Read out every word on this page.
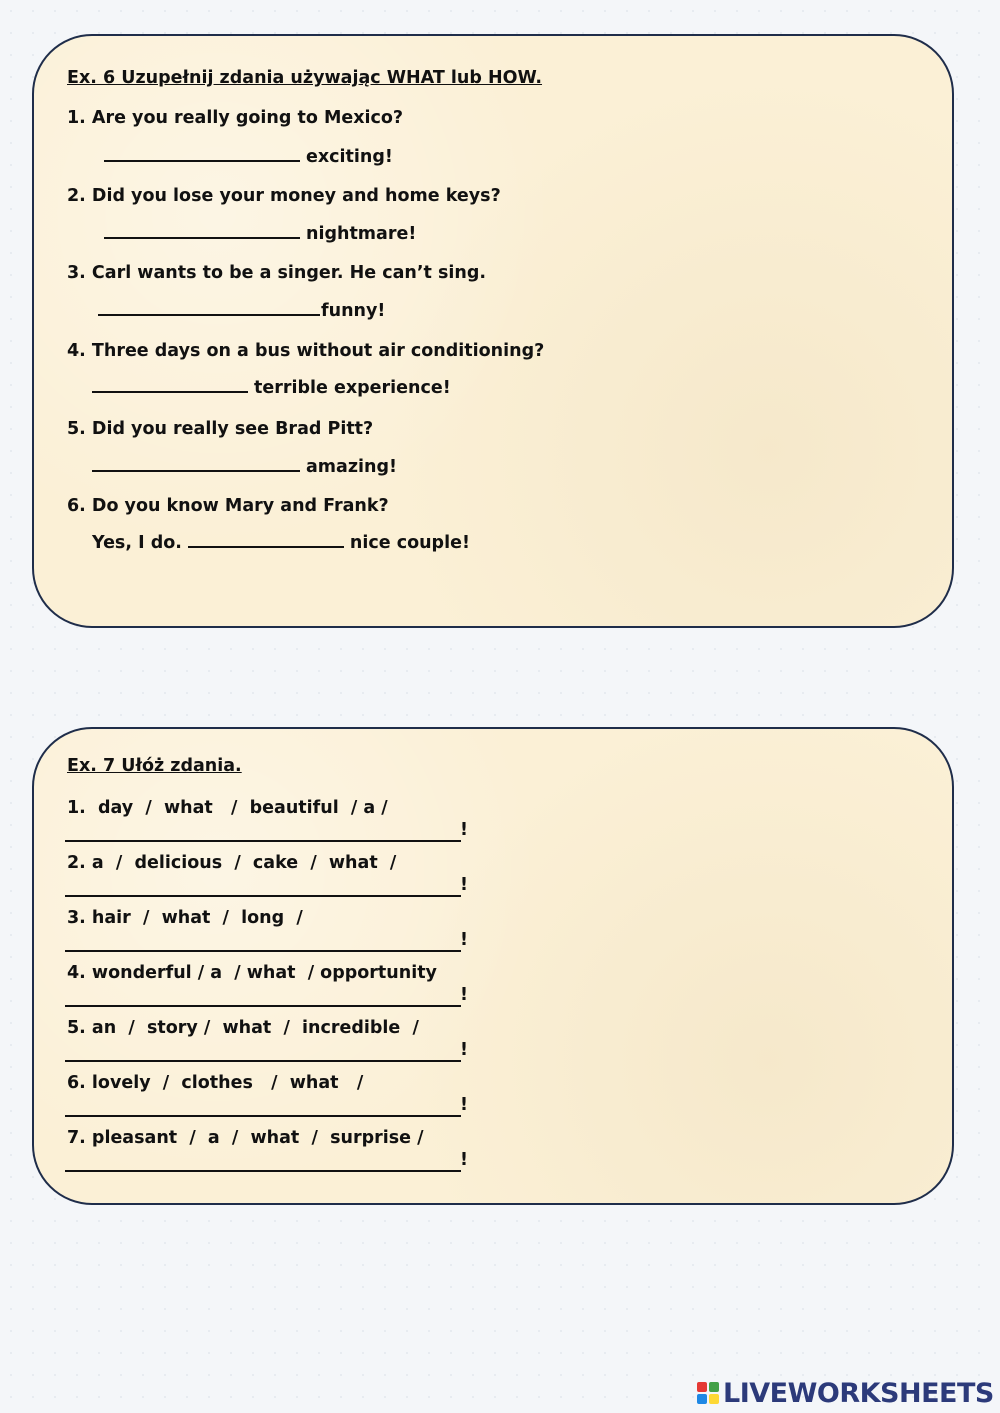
Ex. 6 Uzupełnij zdania używając WHAT lub HOW.
1. Are you really going to Mexico?
exciting!
2. Did you lose your money and home keys?
nightmare!
3. Carl wants to be a singer. He can’t sing.
funny!
4. Three days on a bus without air conditioning?
terrible experience!
5. Did you really see Brad Pitt?
amazing!
6. Do you know Mary and Frank?
Yes, I do.	nice couple!
Ex. 7 Ułóż zdania.
1.  day  /  what   /  beautiful  / a /
!
2. a  /  delicious  /  cake  /  what  /
!
3. hair  /  what  /  long  /
!
4. wonderful / a  / what  / opportunity
!
5. an  /  story /  what  /  incredible  /
!
6. lovely  /  clothes   /  what   /
!
7. pleasant  /  a  /  what  /  surprise /
!
LIVEWORKSHEETS
